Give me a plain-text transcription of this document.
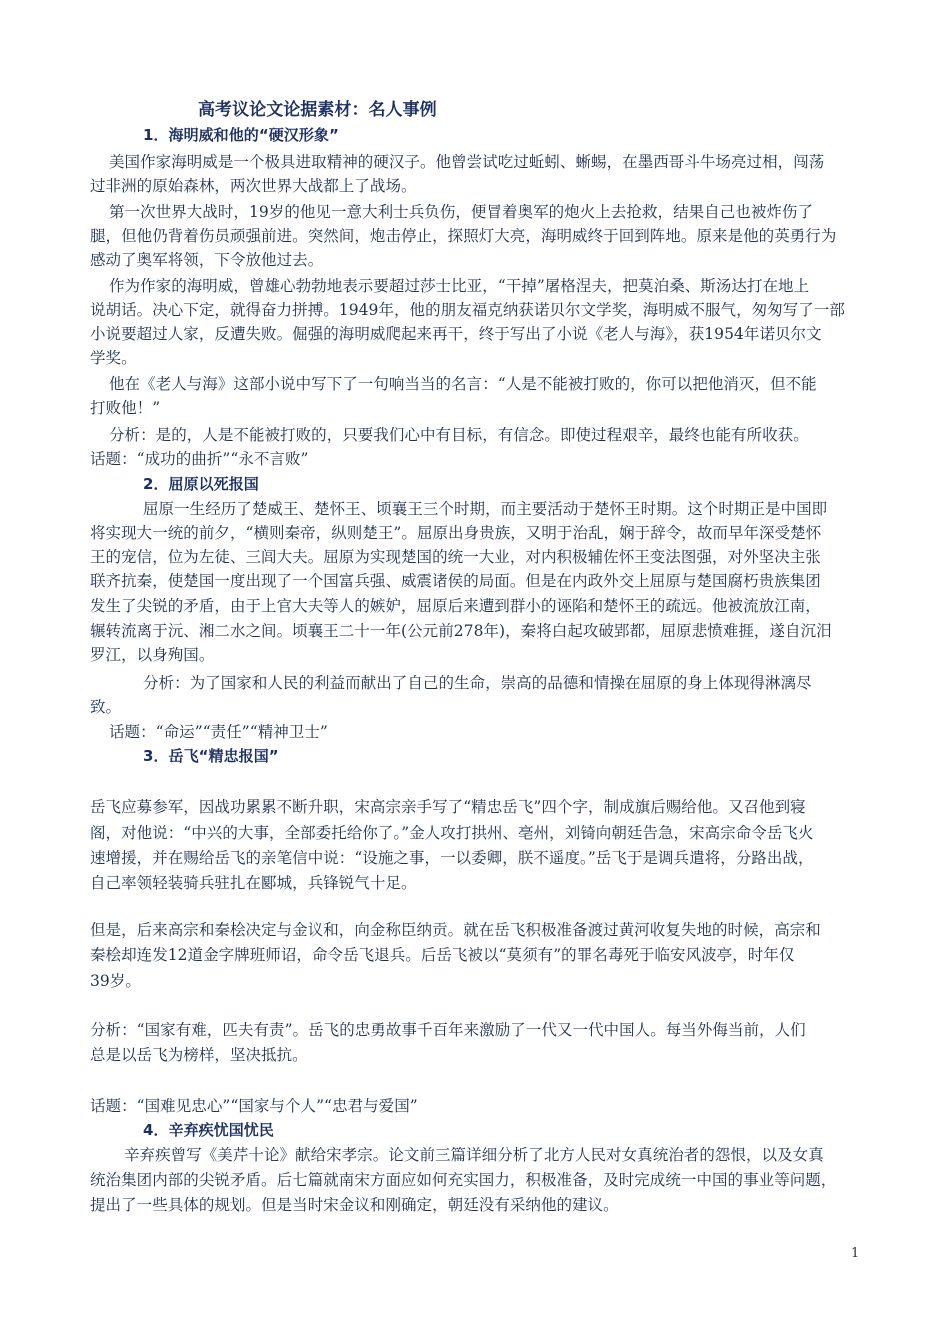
高考议论文论据素材：名人事例
1．海明威和他的“硬汉形象”
美国作家海明威是一个极具进取精神的硬汉子。他曾尝试吃过蚯蚓、蜥蜴，在墨西哥斗牛场亮过相，闯荡
过非洲的原始森林，两次世界大战都上了战场。
第一次世界大战时，19岁的他见一意大利士兵负伤，便冒着奥军的炮火上去抢救，结果自己也被炸伤了
腿，但他仍背着伤员顽强前进。突然间，炮击停止，探照灯大亮，海明威终于回到阵地。原来是他的英勇行为
感动了奥军将领，下令放他过去。
作为作家的海明威，曾雄心勃勃地表示要超过莎士比亚，“干掉”屠格涅夫，把莫泊桑、斯汤达打在地上
说胡话。决心下定，就得奋力拼搏。1949年，他的朋友福克纳获诺贝尔文学奖，海明威不服气，匆匆写了一部
小说要超过人家，反遭失败。倔强的海明威爬起来再干，终于写出了小说《老人与海》，获1954年诺贝尔文
学奖。
他在《老人与海》这部小说中写下了一句响当当的名言：“人是不能被打败的，你可以把他消灭，但不能
打败他！”
分析：是的，人是不能被打败的，只要我们心中有目标，有信念。即使过程艰辛，最终也能有所收获。
话题：“成功的曲折”“永不言败”
2．屈原以死报国
屈原一生经历了楚威王、楚怀王、顷襄王三个时期，而主要活动于楚怀王时期。这个时期正是中国即
将实现大一统的前夕，“横则秦帝，纵则楚王”。屈原出身贵族，又明于治乱，娴于辞令，故而早年深受楚怀
王的宠信，位为左徒、三闾大夫。屈原为实现楚国的统一大业，对内积极辅佐怀王变法图强，对外坚决主张
联齐抗秦，使楚国一度出现了一个国富兵强、威震诸侯的局面。但是在内政外交上屈原与楚国腐朽贵族集团
发生了尖锐的矛盾，由于上官大夫等人的嫉妒，屈原后来遭到群小的诬陷和楚怀王的疏远。他被流放江南，
辗转流离于沅、湘二水之间。顷襄王二十一年(公元前278年)，秦将白起攻破郢都，屈原悲愤难捱，遂自沉汨
罗江，以身殉国。
分析：为了国家和人民的利益而献出了自己的生命，崇高的品德和情操在屈原的身上体现得淋漓尽
致。
话题：“命运”“责任”“精神卫士”
3．岳飞“精忠报国”
岳飞应募参军，因战功累累不断升职，宋高宗亲手写了“精忠岳飞”四个字，制成旗后赐给他。又召他到寝
阁，对他说：“中兴的大事，全部委托给你了。”金人攻打拱州、亳州，刘锜向朝廷告急，宋高宗命令岳飞火
速增援，并在赐给岳飞的亲笔信中说：“设施之事，一以委卿，朕不遥度。”岳飞于是调兵遣将，分路出战，
自己率领轻装骑兵驻扎在郾城，兵锋锐气十足。
但是，后来高宗和秦桧决定与金议和，向金称臣纳贡。就在岳飞积极准备渡过黄河收复失地的时候，高宗和
秦桧却连发12道金字牌班师诏，命令岳飞退兵。后岳飞被以“莫须有”的罪名毒死于临安风波亭，时年仅
39岁。
分析：“国家有难，匹夫有责”。岳飞的忠勇故事千百年来激励了一代又一代中国人。每当外侮当前，人们
总是以岳飞为榜样，坚决抵抗。
话题：“国难见忠心”“国家与个人”“忠君与爱国”
4．辛弃疾忧国忧民
辛弃疾曾写《美芹十论》献给宋孝宗。论文前三篇详细分析了北方人民对女真统治者的怨恨，以及女真
统治集团内部的尖锐矛盾。后七篇就南宋方面应如何充实国力，积极准备，及时完成统一中国的事业等问题，
提出了一些具体的规划。但是当时宋金议和刚确定，朝廷没有采纳他的建议。
1
